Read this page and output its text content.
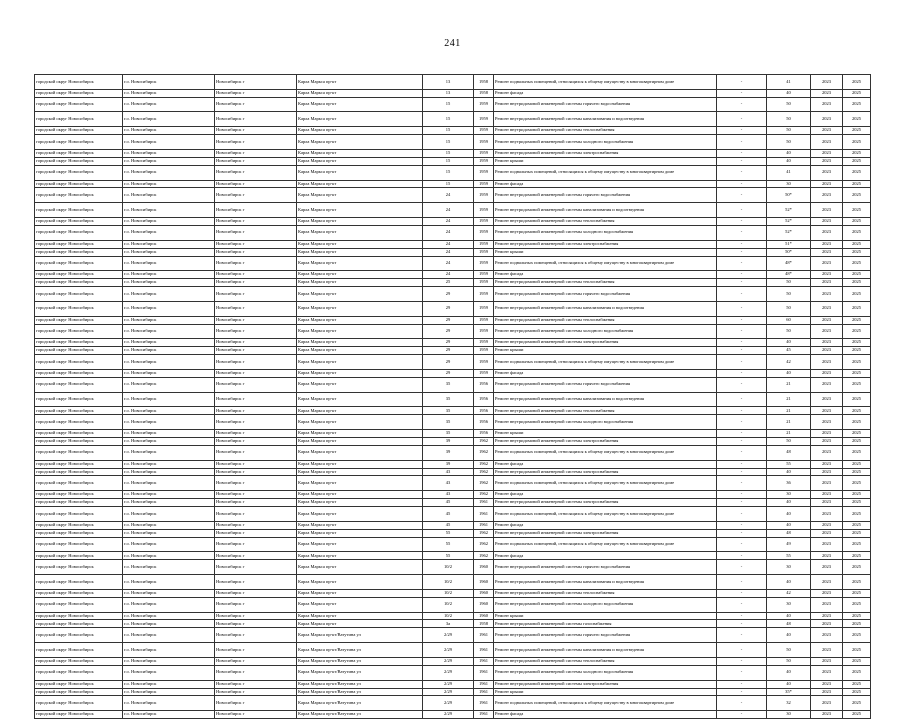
241
городской округ Новосибирск	г.о. Новосибирск	Новосибирск г	Карла Маркса пр-кт	13	1958	Ремонт подвальных помещений, относящихся к общему имуществу в многоквартирном доме	-	41	2023	2025
городской округ Новосибирск	г.о. Новосибирск	Новосибирск г	Карла Маркса пр-кт	13	1958	Ремонт фасада	-	40	2023	2025
городской округ Новосибирск	г.о. Новосибирск	Новосибирск г	Карла Маркса пр-кт	15	1959	Ремонт внутридомовой инженерной системы горячего водоснабжения	-	50	2023	2025
городской округ Новосибирск	г.о. Новосибирск	Новосибирск г	Карла Маркса пр-кт	15	1959	Ремонт внутридомовой инженерной системы канализования и водоотведения	-	50	2023	2025
городской округ Новосибирск	г.о. Новосибирск	Новосибирск г	Карла Маркса пр-кт	15	1959	Ремонт внутридомовой инженерной системы теплоснабжения	-	50	2023	2025
городской округ Новосибирск	г.о. Новосибирск	Новосибирск г	Карла Маркса пр-кт	15	1959	Ремонт внутридомовой инженерной системы холодного водоснабжения	-	50	2023	2025
городской округ Новосибирск	г.о. Новосибирск	Новосибирск г	Карла Маркса пр-кт	15	1959	Ремонт внутридомовой инженерной системы электроснабжения	-	40	2023	2025
городской округ Новосибирск	г.о. Новосибирск	Новосибирск г	Карла Маркса пр-кт	15	1959	Ремонт крыши	-	40	2023	2025
городской округ Новосибирск	г.о. Новосибирск	Новосибирск г	Карла Маркса пр-кт	15	1959	Ремонт подвальных помещений, относящихся к общему имуществу в многоквартирном доме	-	41	2023	2025
городской округ Новосибирск	г.о. Новосибирск	Новосибирск г	Карла Маркса пр-кт	15	1959	Ремонт фасада	-	30	2023	2025
городской округ Новосибирск	г.о. Новосибирск	Новосибирск г	Карла Маркса пр-кт	24	1959	Ремонт внутридомовой инженерной системы горячего водоснабжения	-	50*	2023	2025
городской округ Новосибирск	г.о. Новосибирск	Новосибирск г	Карла Маркса пр-кт	24	1959	Ремонт внутридомовой инженерной системы канализования и водоотведения	-	52*	2023	2025
городской округ Новосибирск	г.о. Новосибирск	Новосибирск г	Карла Маркса пр-кт	24	1959	Ремонт внутридомовой инженерной системы теплоснабжения	-	52*	2023	2025
городской округ Новосибирск	г.о. Новосибирск	Новосибирск г	Карла Маркса пр-кт	24	1959	Ремонт внутридомовой инженерной системы холодного водоснабжения	-	52*	2023	2025
городской округ Новосибирск	г.о. Новосибирск	Новосибирск г	Карла Маркса пр-кт	24	1959	Ремонт внутридомовой инженерной системы электроснабжения	-	51*	2023	2025
городской округ Новосибирск	г.о. Новосибирск	Новосибирск г	Карла Маркса пр-кт	24	1959	Ремонт крыши	-	50*	2023	2025
городской округ Новосибирск	г.о. Новосибирск	Новосибирск г	Карла Маркса пр-кт	24	1959	Ремонт подвальных помещений, относящихся к общему имуществу в многоквартирном доме	-	48*	2023	2025
городской округ Новосибирск	г.о. Новосибирск	Новосибирск г	Карла Маркса пр-кт	24	1959	Ремонт фасада	-	48*	2023	2025
городской округ Новосибирск	г.о. Новосибирск	Новосибирск г	Карла Маркса пр-кт	25	1959	Ремонт внутридомовой инженерной системы теплоснабжения	-	50	2023	2025
городской округ Новосибирск	г.о. Новосибирск	Новосибирск г	Карла Маркса пр-кт	29	1959	Ремонт внутридомовой инженерной системы горячего водоснабжения	-	50	2023	2025
городской округ Новосибирск	г.о. Новосибирск	Новосибирск г	Карла Маркса пр-кт	29	1959	Ремонт внутридомовой инженерной системы канализования и водоотведения	-	50	2023	2025
городской округ Новосибирск	г.о. Новосибирск	Новосибирск г	Карла Маркса пр-кт	29	1959	Ремонт внутридомовой инженерной системы теплоснабжения	-	60	2023	2025
городской округ Новосибирск	г.о. Новосибирск	Новосибирск г	Карла Маркса пр-кт	29	1959	Ремонт внутридомовой инженерной системы холодного водоснабжения	-	50	2023	2025
городской округ Новосибирск	г.о. Новосибирск	Новосибирск г	Карла Маркса пр-кт	29	1959	Ремонт внутридомовой инженерной системы электроснабжения	-	40	2023	2025
городской округ Новосибирск	г.о. Новосибирск	Новосибирск г	Карла Маркса пр-кт	29	1959	Ремонт крыши	-	45	2023	2025
городской округ Новосибирск	г.о. Новосибирск	Новосибирск г	Карла Маркса пр-кт	29	1959	Ремонт подвальных помещений, относящихся к общему имуществу в многоквартирном доме	-	42	2023	2025
городской округ Новосибирск	г.о. Новосибирск	Новосибирск г	Карла Маркса пр-кт	29	1959	Ремонт фасада	-	40	2023	2025
городской округ Новосибирск	г.о. Новосибирск	Новосибирск г	Карла Маркса пр-кт	35	1956	Ремонт внутридомовой инженерной системы горячего водоснабжения	-	21	2023	2025
городской округ Новосибирск	г.о. Новосибирск	Новосибирск г	Карла Маркса пр-кт	35	1956	Ремонт внутридомовой инженерной системы канализования и водоотведения	-	21	2023	2025
городской округ Новосибирск	г.о. Новосибирск	Новосибирск г	Карла Маркса пр-кт	35	1956	Ремонт внутридомовой инженерной системы теплоснабжения	-	21	2023	2025
городской округ Новосибирск	г.о. Новосибирск	Новосибирск г	Карла Маркса пр-кт	35	1956	Ремонт внутридомовой инженерной системы холодного водоснабжения	-	21	2023	2025
городской округ Новосибирск	г.о. Новосибирск	Новосибирск г	Карла Маркса пр-кт	35	1956	Ремонт крыши	-	21	2023	2025
городской округ Новосибирск	г.о. Новосибирск	Новосибирск г	Карла Маркса пр-кт	39	1962	Ремонт внутридомовой инженерной системы электроснабжения	-	50	2023	2025
городской округ Новосибирск	г.о. Новосибирск	Новосибирск г	Карла Маркса пр-кт	39	1962	Ремонт подвальных помещений, относящихся к общему имуществу в многоквартирном доме	-	48	2023	2025
городской округ Новосибирск	г.о. Новосибирск	Новосибирск г	Карла Маркса пр-кт	39	1962	Ремонт фасада	-	55	2023	2025
городской округ Новосибирск	г.о. Новосибирск	Новосибирск г	Карла Маркса пр-кт	43	1962	Ремонт внутридомовой инженерной системы электроснабжения	-	40	2023	2025
городской округ Новосибирск	г.о. Новосибирск	Новосибирск г	Карла Маркса пр-кт	43	1962	Ремонт подвальных помещений, относящихся к общему имуществу в многоквартирном доме	-	36	2023	2025
городской округ Новосибирск	г.о. Новосибирск	Новосибирск г	Карла Маркса пр-кт	43	1962	Ремонт фасада	-	30	2023	2025
городской округ Новосибирск	г.о. Новосибирск	Новосибирск г	Карла Маркса пр-кт	45	1961	Ремонт внутридомовой инженерной системы электроснабжения	-	40	2023	2025
городской округ Новосибирск	г.о. Новосибирск	Новосибирск г	Карла Маркса пр-кт	45	1961	Ремонт подвальных помещений, относящихся к общему имуществу в многоквартирном доме	-	40	2023	2025
городской округ Новосибирск	г.о. Новосибирск	Новосибирск г	Карла Маркса пр-кт	45	1961	Ремонт фасада	-	40	2023	2025
городской округ Новосибирск	г.о. Новосибирск	Новосибирск г	Карла Маркса пр-кт	55	1962	Ремонт внутридомовой инженерной системы электроснабжения	-	48	2023	2025
городской округ Новосибирск	г.о. Новосибирск	Новосибирск г	Карла Маркса пр-кт	55	1962	Ремонт подвальных помещений, относящихся к общему имуществу в многоквартирном доме	-	49	2023	2025
городской округ Новосибирск	г.о. Новосибирск	Новосибирск г	Карла Маркса пр-кт	55	1962	Ремонт фасада	-	55	2023	2025
городской округ Новосибирск	г.о. Новосибирск	Новосибирск г	Карла Маркса пр-кт	10/2	1960	Ремонт внутридомовой инженерной системы горячего водоснабжения	-	30	2023	2025
городской округ Новосибирск	г.о. Новосибирск	Новосибирск г	Карла Маркса пр-кт	10/2	1960	Ремонт внутридомовой инженерной системы канализования и водоотведения	-	40	2023	2025
городской округ Новосибирск	г.о. Новосибирск	Новосибирск г	Карла Маркса пр-кт	10/2	1960	Ремонт внутридомовой инженерной системы теплоснабжения	-	42	2023	2025
городской округ Новосибирск	г.о. Новосибирск	Новосибирск г	Карла Маркса пр-кт	10/2	1960	Ремонт внутридомовой инженерной системы холодного водоснабжения	-	30	2023	2025
городской округ Новосибирск	г.о. Новосибирск	Новосибирск г	Карла Маркса пр-кт	10/2	1960	Ремонт крыши	-	40	2023	2025
городской округ Новосибирск	г.о. Новосибирск	Новосибирск г	Карла Маркса пр-кт	3а	1958	Ремонт внутридомовой инженерной системы газоснабжения	-	48	2023	2025
городской округ Новосибирск	г.о. Новосибирск	Новосибирск г	Карла Маркса пр-кт/Ватутина ул	2/29	1961	Ремонт внутридомовой инженерной системы горячего водоснабжения	-	40	2023	2025
городской округ Новосибирск	г.о. Новосибирск	Новосибирск г	Карла Маркса пр-кт/Ватутина ул	2/29	1961	Ремонт внутридомовой инженерной системы канализования и водоотведения	-	50	2023	2025
городской округ Новосибирск	г.о. Новосибирск	Новосибирск г	Карла Маркса пр-кт/Ватутина ул	2/29	1961	Ремонт внутридомовой инженерной системы теплоснабжения	-	50	2023	2025
городской округ Новосибирск	г.о. Новосибирск	Новосибирск г	Карла Маркса пр-кт/Ватутина ул	2/29	1961	Ремонт внутридомовой инженерной системы холодного водоснабжения	-	40	2023	2025
городской округ Новосибирск	г.о. Новосибирск	Новосибирск г	Карла Маркса пр-кт/Ватутина ул	2/29	1961	Ремонт внутридомовой инженерной системы электроснабжения	-	40	2023	2025
городской округ Новосибирск	г.о. Новосибирск	Новосибирск г	Карла Маркса пр-кт/Ватутина ул	2/29	1961	Ремонт крыши	-	35*	2023	2025
городской округ Новосибирск	г.о. Новосибирск	Новосибирск г	Карла Маркса пр-кт/Ватутина ул	2/29	1961	Ремонт подвальных помещений, относящихся к общему имуществу в многоквартирном доме	-	32	2023	2025
городской округ Новосибирск	г.о. Новосибирск	Новосибирск г	Карла Маркса пр-кт/Ватутина ул	2/29	1961	Ремонт фасада	-	30	2023	2025
